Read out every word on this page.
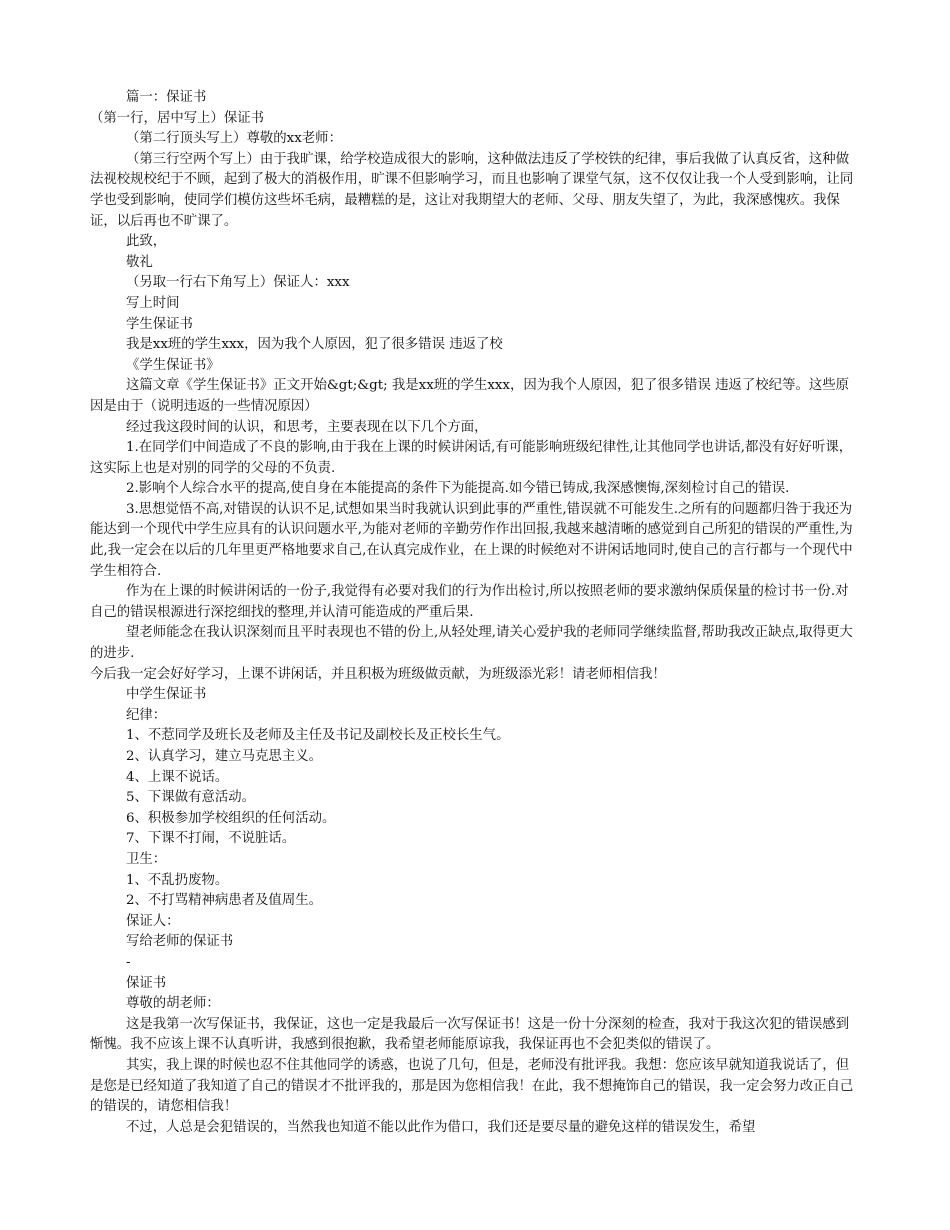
篇一：保证书

（第一行，居中写上）保证书

（第二行顶头写上）尊敬的xx老师：

（第三行空两个写上）由于我旷课，给学校造成很大的影响，这种做法违反了学校铁的纪律，事后我做了认真反省，这种做法视校规校纪于不顾，起到了极大的消极作用，旷课不但影响学习，而且也影响了课堂气氛，这不仅仅让我一个人受到影响，让同学也受到影响，使同学们模仿这些坏毛病，最糟糕的是，这让对我期望大的老师、父母、朋友失望了，为此，我深感愧疚。我保证，以后再也不旷课了。

此致，

敬礼

（另取一行右下角写上）保证人：xxx

写上时间

学生保证书

我是xx班的学生xxx，因为我个人原因，犯了很多错误 违返了校

《学生保证书》

这篇文章《学生保证书》正文开始&gt;&gt; 我是xx班的学生xxx，因为我个人原因，犯了很多错误 违返了校纪等。这些原因是由于（说明违返的一些情况原因）

经过我这段时间的认识，和思考，主要表现在以下几个方面，

1.在同学们中间造成了不良的影响,由于我在上课的时候讲闲话,有可能影响班级纪律性,让其他同学也讲话,都没有好好听课，这实际上也是对别的同学的父母的不负责.

2.影响个人综合水平的提高,使自身在本能提高的条件下为能提高.如今错已铸成,我深感懊悔,深刻检讨自己的错误.

3.思想觉悟不高,对错误的认识不足,试想如果当时我就认识到此事的严重性,错误就不可能发生.之所有的问题都归咎于我还为能达到一个现代中学生应具有的认识问题水平,为能对老师的辛勤劳作作出回报,我越来越清晰的感觉到自己所犯的错误的严重性,为此,我一定会在以后的几年里更严格地要求自己,在认真完成作业，在上课的时候绝对不讲闲话地同时,使自己的言行都与一个现代中学生相符合.

作为在上课的时候讲闲话的一份子,我觉得有必要对我们的行为作出检讨,所以按照老师的要求激纳保质保量的检讨书一份.对自己的错误根源进行深挖细找的整理,并认清可能造成的严重后果.

望老师能念在我认识深刻而且平时表现也不错的份上,从轻处理,请关心爱护我的老师同学继续监督,帮助我改正缺点,取得更大的进步.

今后我一定会好好学习，上课不讲闲话，并且积极为班级做贡献，为班级添光彩！请老师相信我！

中学生保证书

纪律：

1、不惹同学及班长及老师及主任及书记及副校长及正校长生气。

2、认真学习，建立马克思主义。

4、上课不说话。

5、下课做有意活动。

6、积极参加学校组织的任何活动。

7、下课不打闹，不说脏话。

卫生：

1、不乱扔废物。

2、不打骂精神病患者及值周生。

保证人：

写给老师的保证书

-

保证书

尊敬的胡老师：

这是我第一次写保证书，我保证，这也一定是我最后一次写保证书！这是一份十分深刻的检查，我对于我这次犯的错误感到惭愧。我不应该上课不认真听讲，我感到很抱歉，我希望老师能原谅我，我保证再也不会犯类似的错误了。

其实，我上课的时候也忍不住其他同学的诱惑，也说了几句，但是，老师没有批评我。我想：您应该早就知道我说话了，但是您是已经知道了我知道了自己的错误才不批评我的，那是因为您相信我！在此，我不想掩饰自己的错误，我一定会努力改正自己的错误的，请您相信我！

不过，人总是会犯错误的，当然我也知道不能以此作为借口，我们还是要尽量的避免这样的错误发生，希望
